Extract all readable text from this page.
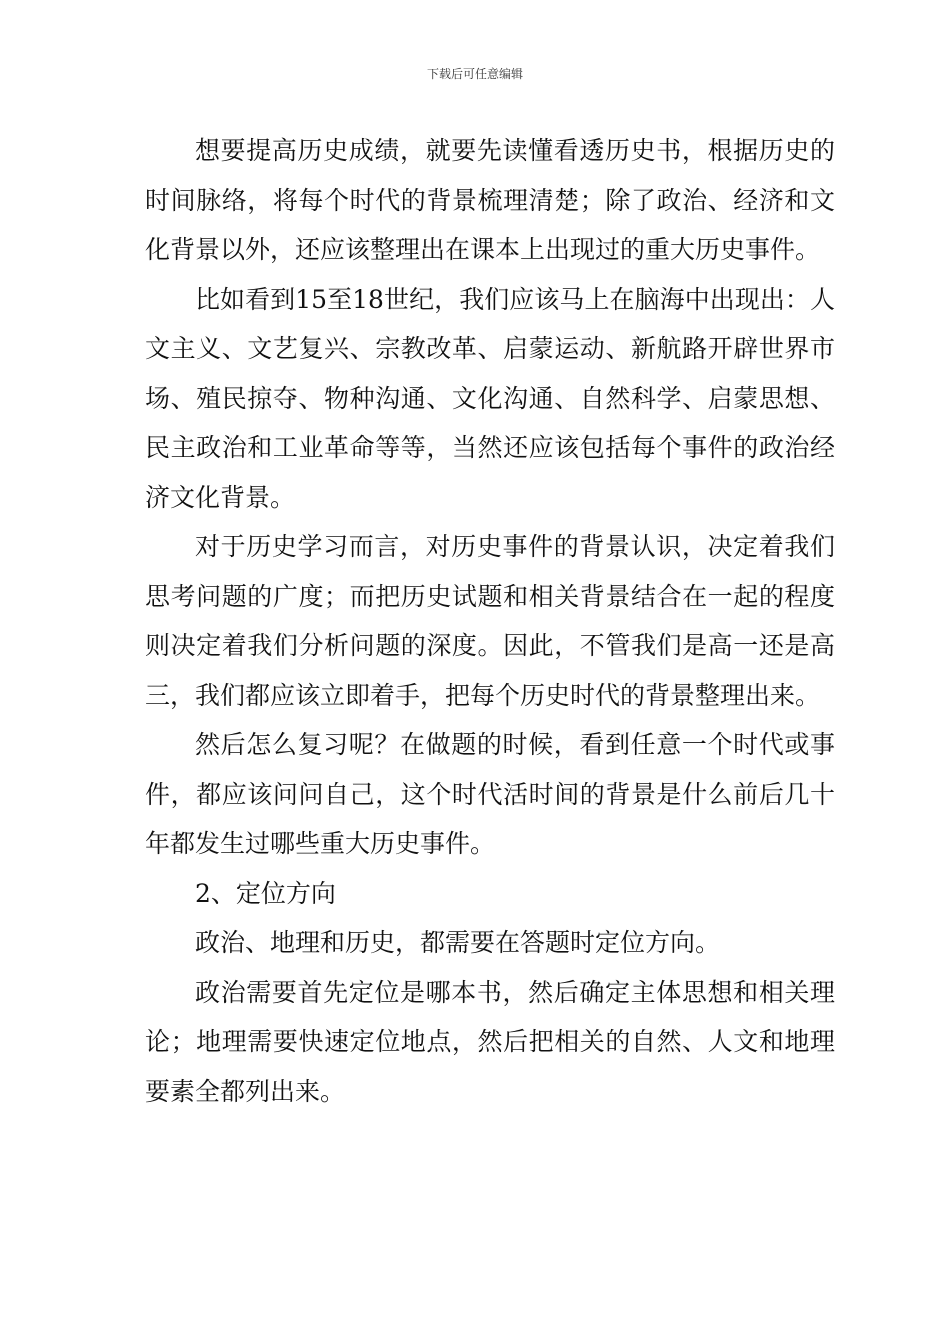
下载后可任意编辑

想要提高历史成绩，就要先读懂看透历史书，根据历史的时间脉络，将每个时代的背景梳理清楚；除了政治、经济和文化背景以外，还应该整理出在课本上出现过的重大历史事件。

比如看到15至18世纪，我们应该马上在脑海中出现出：人文主义、文艺复兴、宗教改革、启蒙运动、新航路开辟世界市场、殖民掠夺、物种沟通、文化沟通、自然科学、启蒙思想、民主政治和工业革命等等，当然还应该包括每个事件的政治经济文化背景。

对于历史学习而言，对历史事件的背景认识，决定着我们思考问题的广度；而把历史试题和相关背景结合在一起的程度则决定着我们分析问题的深度。因此，不管我们是高一还是高三，我们都应该立即着手，把每个历史时代的背景整理出来。

然后怎么复习呢？在做题的时候，看到任意一个时代或事件，都应该问问自己，这个时代活时间的背景是什么前后几十年都发生过哪些重大历史事件。

2、定位方向

政治、地理和历史，都需要在答题时定位方向。

政治需要首先定位是哪本书，然后确定主体思想和相关理论；地理需要快速定位地点，然后把相关的自然、人文和地理要素全都列出来。
